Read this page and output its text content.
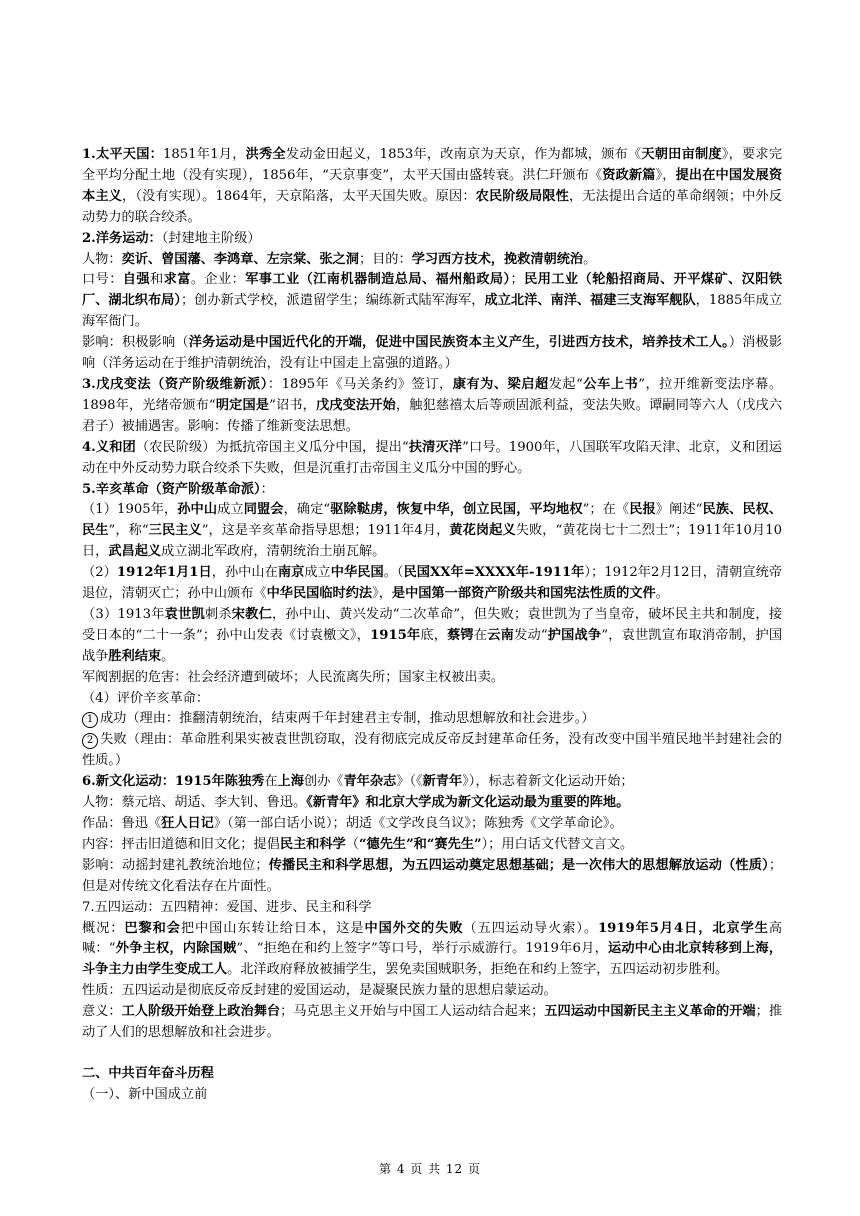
1.太平天国：1851年1月，洪秀全发动金田起义，1853年，改南京为天京，作为都城，颁布《天朝田亩制度》，要求完全平均分配土地（没有实现），1856年，“天京事变”，太平天国由盛转衰。洪仁玕颁布《资政新篇》，提出在中国发展资本主义，（没有实现）。1864年，天京陷落，太平天国失败。原因：农民阶级局限性，无法提出合适的革命纲领；中外反动势力的联合绞杀。

2.洋务运动：（封建地主阶级）

人物：奕䜣、曾国藩、李鸿章、左宗棠、张之洞；目的：学习西方技术，挽救清朝统治。

口号：自强和求富。企业：军事工业（江南机器制造总局、福州船政局）；民用工业（轮船招商局、开平煤矿、汉阳铁厂、湖北织布局）；创办新式学校，派遣留学生；编练新式陆军海军，成立北洋、南洋、福建三支海军舰队，1885年成立海军衙门。

影响：积极影响（洋务运动是中国近代化的开端，促进中国民族资本主义产生，引进西方技术，培养技术工人。）消极影响（洋务运动在于维护清朝统治，没有让中国走上富强的道路。）

3.戊戌变法（资产阶级维新派）：1895年《马关条约》签订，康有为、梁启超发起“公车上书”，拉开维新变法序幕。1898年，光绪帝颁布“明定国是”诏书，戊戌变法开始，触犯慈禧太后等顽固派利益，变法失败。谭嗣同等六人（戊戌六君子）被捕遇害。影响：传播了维新变法思想。

4.义和团（农民阶级）为抵抗帝国主义瓜分中国，提出“扶清灭洋”口号。1900年，八国联军攻陷天津、北京，义和团运动在中外反动势力联合绞杀下失败，但是沉重打击帝国主义瓜分中国的野心。

5.辛亥革命（资产阶级革命派）：

（1）1905年，孙中山成立同盟会，确定“驱除鞑虏，恢复中华，创立民国，平均地权”；在《民报》阐述“民族、民权、民生”，称“三民主义”，这是辛亥革命指导思想；1911年4月，黄花岗起义失败，“黄花岗七十二烈士”；1911年10月10日，武昌起义成立湖北军政府，清朝统治土崩瓦解。

（2）1912年1月1日，孙中山在南京成立中华民国。（民国XX年=XXXX年-1911年）；1912年2月12日，清朝宣统帝退位，清朝灭亡；孙中山颁布《中华民国临时约法》，是中国第一部资产阶级共和国宪法性质的文件。

（3）1913年袁世凯刺杀宋教仁，孙中山、黄兴发动“二次革命”，但失败；袁世凯为了当皇帝，破坏民主共和制度，接受日本的“二十一条”；孙中山发表《讨袁檄文》，1915年底，蔡锷在云南发动“护国战争”，袁世凯宣布取消帝制，护国战争胜利结束。

军阀割据的危害：社会经济遭到破坏；人民流离失所；国家主权被出卖。

（4）评价辛亥革命：

1 成功（理由：推翻清朝统治，结束两千年封建君主专制，推动思想解放和社会进步。）

2 失败（理由：革命胜利果实被袁世凯窃取，没有彻底完成反帝反封建革命任务，没有改变中国半殖民地半封建社会的性质。）

6.新文化运动：1915年陈独秀在上海创办《青年杂志》（《新青年》），标志着新文化运动开始；

人物：蔡元培、胡适、李大钊、鲁迅。《新青年》和北京大学成为新文化运动最为重要的阵地。

作品：鲁迅《狂人日记》（第一部白话小说）；胡适《文学改良刍议》；陈独秀《文学革命论》。

内容：抨击旧道德和旧文化；提倡民主和科学（“德先生”和“赛先生”）；用白话文代替文言文。

影响：动摇封建礼教统治地位；传播民主和科学思想，为五四运动奠定思想基础；是一次伟大的思想解放运动（性质）；但是对传统文化看法存在片面性。

7.五四运动：五四精神：爱国、进步、民主和科学

概况：巴黎和会把中国山东转让给日本，这是中国外交的失败（五四运动导火索）。1919年5月4日，北京学生高喊：“外争主权，内除国贼”、“拒绝在和约上签字”等口号，举行示威游行。1919年6月，运动中心由北京转移到上海，斗争主力由学生变成工人。北洋政府释放被捕学生，罢免卖国贼职务，拒绝在和约上签字，五四运动初步胜利。

性质：五四运动是彻底反帝反封建的爱国运动，是凝聚民族力量的思想启蒙运动。

意义：工人阶级开始登上政治舞台；马克思主义开始与中国工人运动结合起来；五四运动中国新民主主义革命的开端；推动了人们的思想解放和社会进步。

二、中共百年奋斗历程

（一）、新中国成立前

第 4 页 共 12 页
